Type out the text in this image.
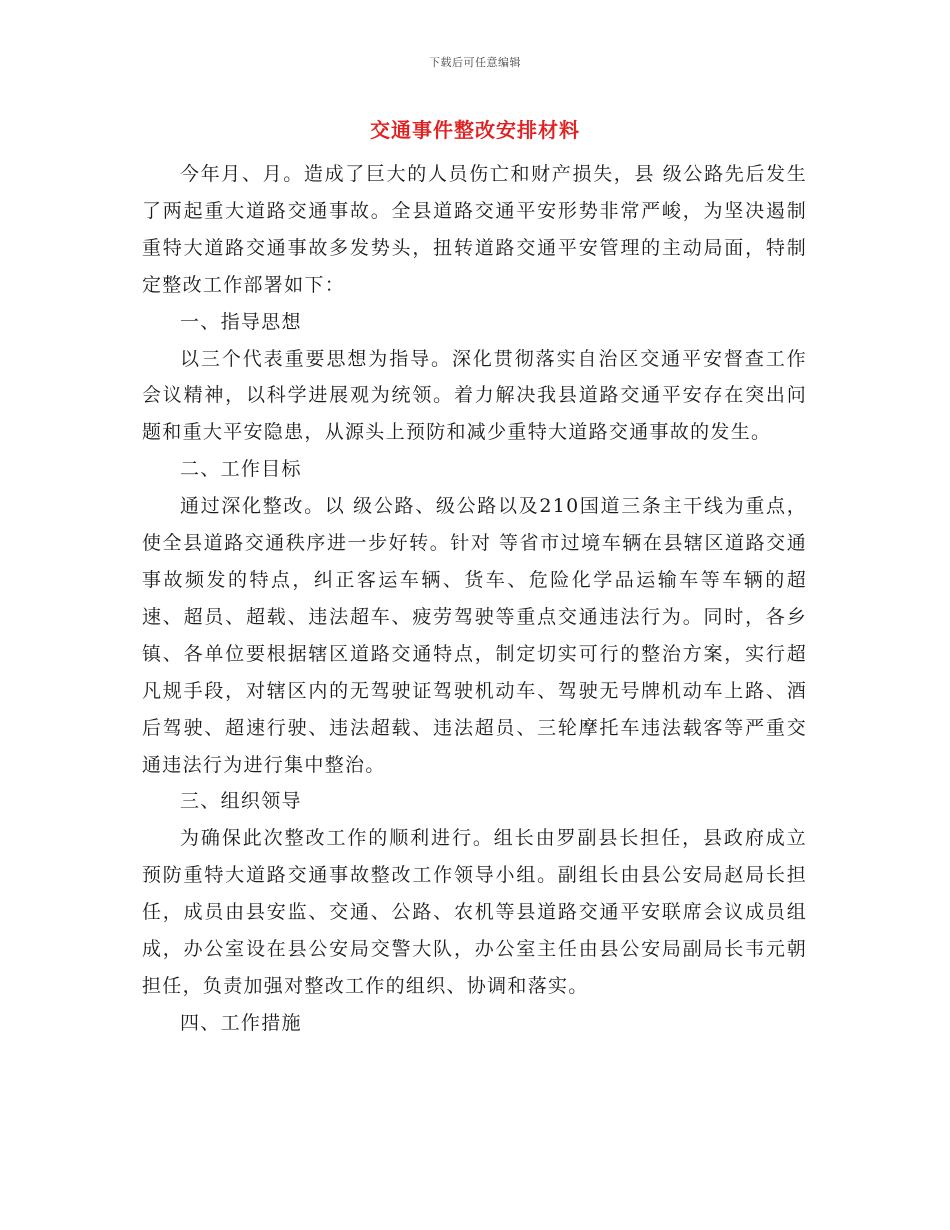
下载后可任意编辑
交通事件整改安排材料

今年月、月。造成了巨大的人员伤亡和财产损失，县 级公路先后发生了两起重大道路交通事故。全县道路交通平安形势非常严峻，为坚决遏制重特大道路交通事故多发势头，扭转道路交通平安管理的主动局面，特制定整改工作部署如下：

一、指导思想

以三个代表重要思想为指导。深化贯彻落实自治区交通平安督查工作会议精神，以科学进展观为统领。着力解决我县道路交通平安存在突出问题和重大平安隐患，从源头上预防和减少重特大道路交通事故的发生。

二、工作目标

通过深化整改。以 级公路、级公路以及210国道三条主干线为重点，使全县道路交通秩序进一步好转。针对 等省市过境车辆在县辖区道路交通事故频发的特点，纠正客运车辆、货车、危险化学品运输车等车辆的超速、超员、超载、违法超车、疲劳驾驶等重点交通违法行为。同时，各乡镇、各单位要根据辖区道路交通特点，制定切实可行的整治方案，实行超凡规手段，对辖区内的无驾驶证驾驶机动车、驾驶无号牌机动车上路、酒后驾驶、超速行驶、违法超载、违法超员、三轮摩托车违法载客等严重交通违法行为进行集中整治。

三、组织领导

为确保此次整改工作的顺利进行。组长由罗副县长担任，县政府成立预防重特大道路交通事故整改工作领导小组。副组长由县公安局赵局长担任，成员由县安监、交通、公路、农机等县道路交通平安联席会议成员组成，办公室设在县公安局交警大队，办公室主任由县公安局副局长韦元朝担任，负责加强对整改工作的组织、协调和落实。

四、工作措施
